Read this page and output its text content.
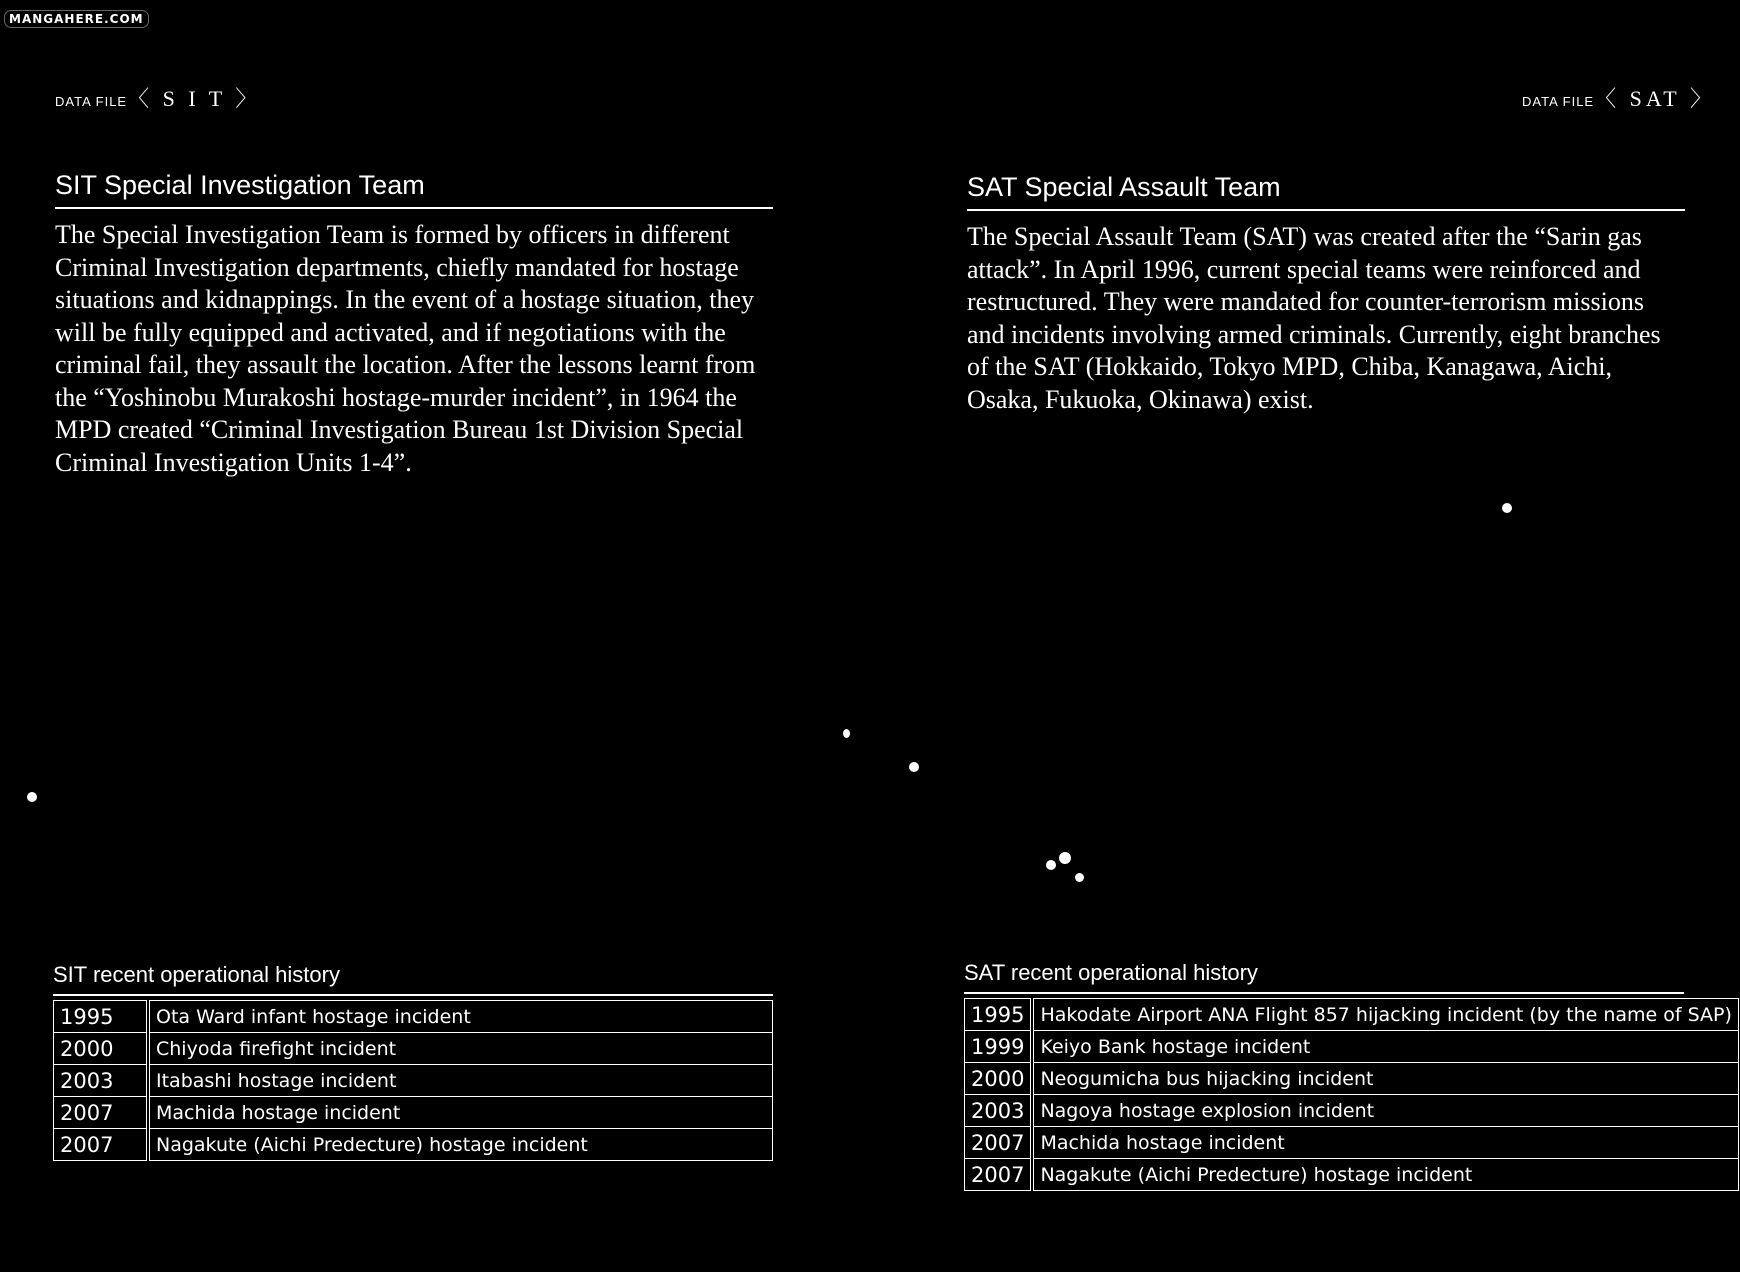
MANGAHERE.COM
DATA FILE〈 S I T 〉	DATA FILE〈 SAT 〉
SIT Special Investigation Team

The Special Investigation Team is formed by officers in different Criminal Investigation departments, chiefly mandated for hostage situations and kidnappings. In the event of a hostage situation, they will be fully equipped and activated, and if negotiations with the criminal fail, they assault the location. After the lessons learnt from the “Yoshinobu Murakoshi hostage-murder incident”, in 1964 the MPD created “Criminal Investigation Bureau 1st Division Special Criminal Investigation Units 1-4”.

SAT Special Assault Team

The Special Assault Team (SAT) was created after the “Sarin gas attack”. In April 1996, current special teams were reinforced and restructured. They were mandated for counter-terrorism missions and incidents involving armed criminals. Currently, eight branches of the SAT (Hokkaido, Tokyo MPD, Chiba, Kanagawa, Aichi, Osaka, Fukuoka, Okinawa) exist.

SIT recent operational history
1995	Ota Ward infant hostage incident
2000	Chiyoda firefight incident
2003	Itabashi hostage incident
2007	Machida hostage incident
2007	Nagakute (Aichi Predecture) hostage incident
SAT recent operational history
1995	Hakodate Airport ANA Flight 857 hijacking incident (by the name of SAP)
1999	Keiyo Bank hostage incident
2000	Neogumicha bus hijacking incident
2003	Nagoya hostage explosion incident
2007	Machida hostage incident
2007	Nagakute (Aichi Predecture) hostage incident
